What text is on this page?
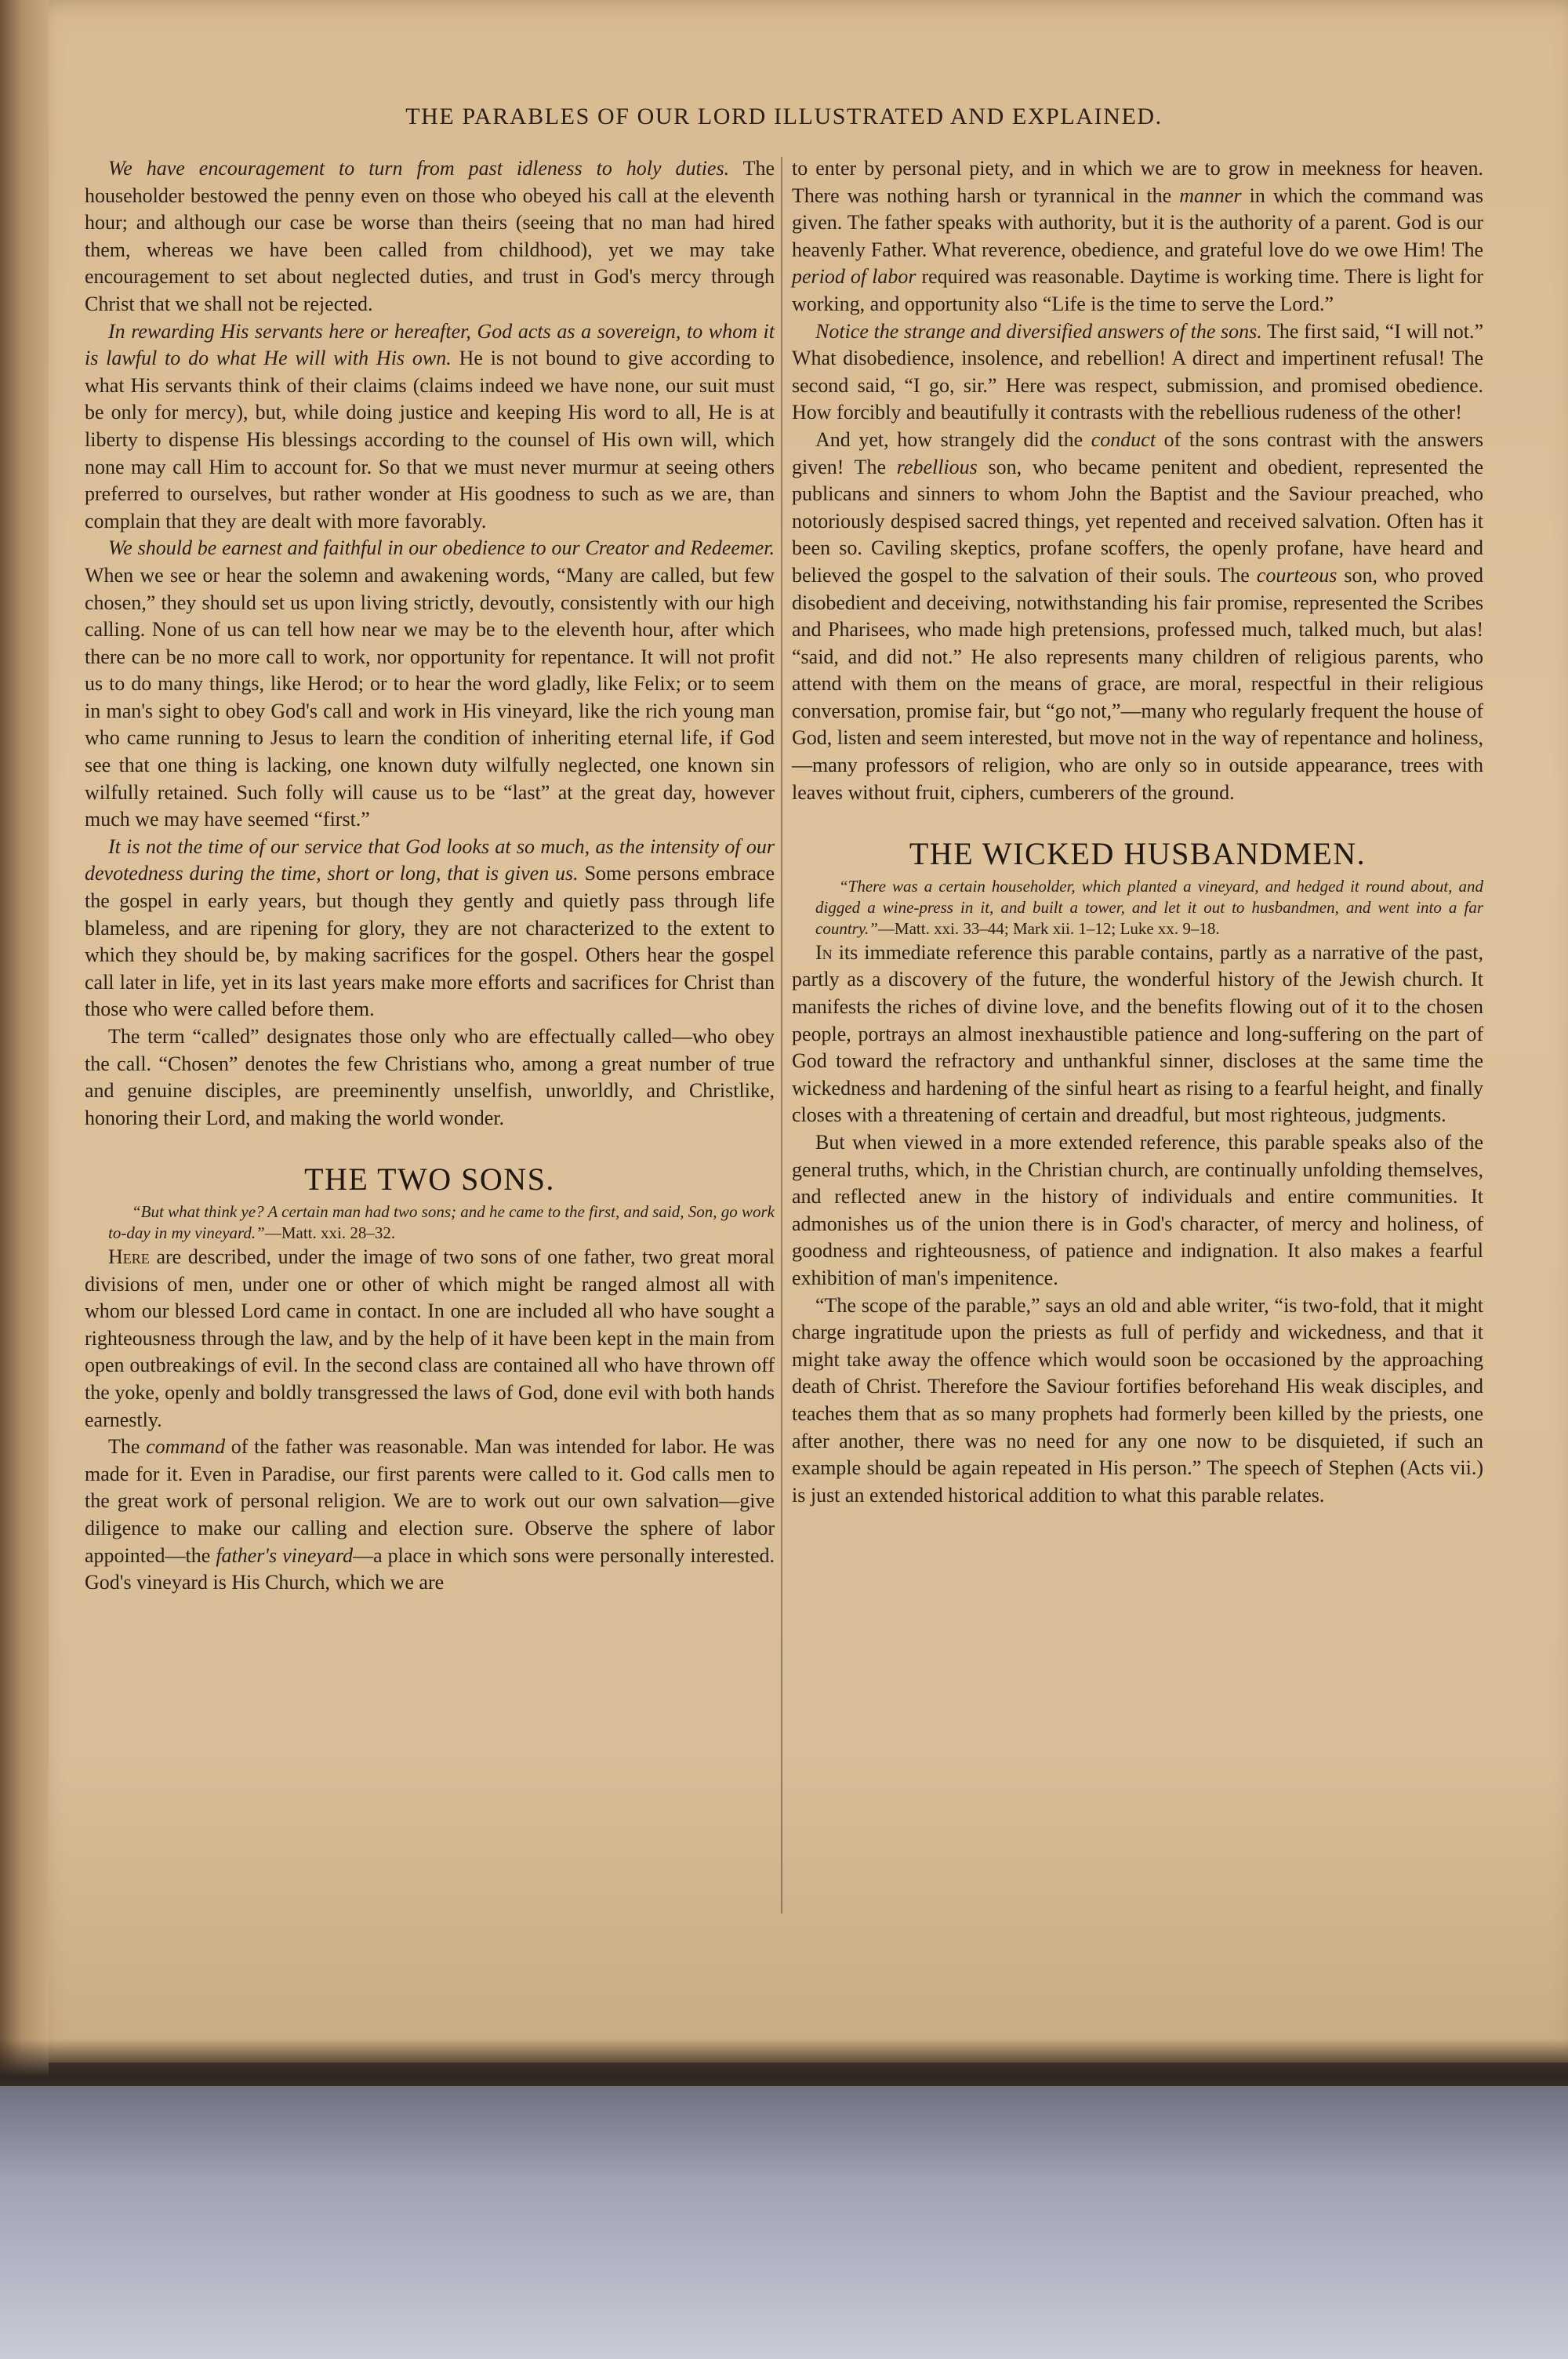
THE PARABLES OF OUR LORD ILLUSTRATED AND EXPLAINED.

We have encouragement to turn from past idleness to holy duties. The householder bestowed the penny even on those who obeyed his call at the eleventh hour; and although our case be worse than theirs (seeing that no man had hired them, whereas we have been called from childhood), yet we may take encouragement to set about neglected duties, and trust in God's mercy through Christ that we shall not be rejected.

In rewarding His servants here or hereafter, God acts as a sovereign, to whom it is lawful to do what He will with His own. He is not bound to give according to what His servants think of their claims (claims indeed we have none, our suit must be only for mercy), but, while doing justice and keeping His word to all, He is at liberty to dispense His blessings according to the counsel of His own will, which none may call Him to account for. So that we must never murmur at seeing others preferred to ourselves, but rather wonder at His goodness to such as we are, than complain that they are dealt with more favorably.

We should be earnest and faithful in our obedience to our Creator and Redeemer. When we see or hear the solemn and awakening words, “Many are called, but few chosen,” they should set us upon living strictly, devoutly, consistently with our high calling. None of us can tell how near we may be to the eleventh hour, after which there can be no more call to work, nor opportunity for repentance. It will not profit us to do many things, like Herod; or to hear the word gladly, like Felix; or to seem in man's sight to obey God's call and work in His vineyard, like the rich young man who came running to Jesus to learn the condition of inheriting eternal life, if God see that one thing is lacking, one known duty wilfully neglected, one known sin wilfully retained. Such folly will cause us to be “last” at the great day, however much we may have seemed “first.”

It is not the time of our service that God looks at so much, as the intensity of our devotedness during the time, short or long, that is given us. Some persons embrace the gospel in early years, but though they gently and quietly pass through life blameless, and are ripening for glory, they are not characterized to the extent to which they should be, by making sacrifices for the gospel. Others hear the gospel call later in life, yet in its last years make more efforts and sacrifices for Christ than those who were called before them.

The term “called” designates those only who are effectually called—who obey the call. “Chosen” denotes the few Christians who, among a great number of true and genuine disciples, are preeminently unselfish, unworldly, and Christlike, honoring their Lord, and making the world wonder.

THE TWO SONS.

“But what think ye? A certain man had two sons; and he came to the first, and said, Son, go work to-day in my vineyard.”—Matt. xxi. 28–32.

Here are described, under the image of two sons of one father, two great moral divisions of men, under one or other of which might be ranged almost all with whom our blessed Lord came in contact. In one are included all who have sought a righteousness through the law, and by the help of it have been kept in the main from open outbreakings of evil. In the second class are contained all who have thrown off the yoke, openly and boldly transgressed the laws of God, done evil with both hands earnestly.

The command of the father was reasonable. Man was intended for labor. He was made for it. Even in Paradise, our first parents were called to it. God calls men to the great work of personal religion. We are to work out our own salvation—give diligence to make our calling and election sure. Observe the sphere of labor appointed—the father's vineyard—a place in which sons were personally interested. God's vineyard is His Church, which we are

to enter by personal piety, and in which we are to grow in meekness for heaven. There was nothing harsh or tyrannical in the manner in which the command was given. The father speaks with authority, but it is the authority of a parent. God is our heavenly Father. What reverence, obedience, and grateful love do we owe Him! The period of labor required was reasonable. Daytime is working time. There is light for working, and opportunity also “Life is the time to serve the Lord.”

Notice the strange and diversified answers of the sons. The first said, “I will not.” What disobedience, insolence, and rebellion! A direct and impertinent refusal! The second said, “I go, sir.” Here was respect, submission, and promised obedience. How forcibly and beautifully it contrasts with the rebellious rudeness of the other!

And yet, how strangely did the conduct of the sons contrast with the answers given! The rebellious son, who became penitent and obedient, represented the publicans and sinners to whom John the Baptist and the Saviour preached, who notoriously despised sacred things, yet repented and received salvation. Often has it been so. Caviling skeptics, profane scoffers, the openly profane, have heard and believed the gospel to the salvation of their souls. The courteous son, who proved disobedient and deceiving, notwithstanding his fair promise, represented the Scribes and Pharisees, who made high pretensions, professed much, talked much, but alas! “said, and did not.” He also represents many children of religious parents, who attend with them on the means of grace, are moral, respectful in their religious conversation, promise fair, but “go not,”—many who regularly frequent the house of God, listen and seem interested, but move not in the way of repentance and holiness,—many professors of religion, who are only so in outside appearance, trees with leaves without fruit, ciphers, cumberers of the ground.

THE WICKED HUSBANDMEN.

“There was a certain householder, which planted a vineyard, and hedged it round about, and digged a wine-press in it, and built a tower, and let it out to husbandmen, and went into a far country.”—Matt. xxi. 33–44; Mark xii. 1–12; Luke xx. 9–18.

In its immediate reference this parable contains, partly as a narrative of the past, partly as a discovery of the future, the wonderful history of the Jewish church. It manifests the riches of divine love, and the benefits flowing out of it to the chosen people, portrays an almost inexhaustible patience and long-suffering on the part of God toward the refractory and unthankful sinner, discloses at the same time the wickedness and hardening of the sinful heart as rising to a fearful height, and finally closes with a threatening of certain and dreadful, but most righteous, judgments.

But when viewed in a more extended reference, this parable speaks also of the general truths, which, in the Christian church, are continually unfolding themselves, and reflected anew in the history of individuals and entire communities. It admonishes us of the union there is in God's character, of mercy and holiness, of goodness and righteousness, of patience and indignation. It also makes a fearful exhibition of man's impenitence.

“The scope of the parable,” says an old and able writer, “is two-fold, that it might charge ingratitude upon the priests as full of perfidy and wickedness, and that it might take away the offence which would soon be occasioned by the approaching death of Christ. Therefore the Saviour fortifies beforehand His weak disciples, and teaches them that as so many prophets had formerly been killed by the priests, one after another, there was no need for any one now to be disquieted, if such an example should be again repeated in His person.” The speech of Stephen (Acts vii.) is just an extended historical addition to what this parable relates.
